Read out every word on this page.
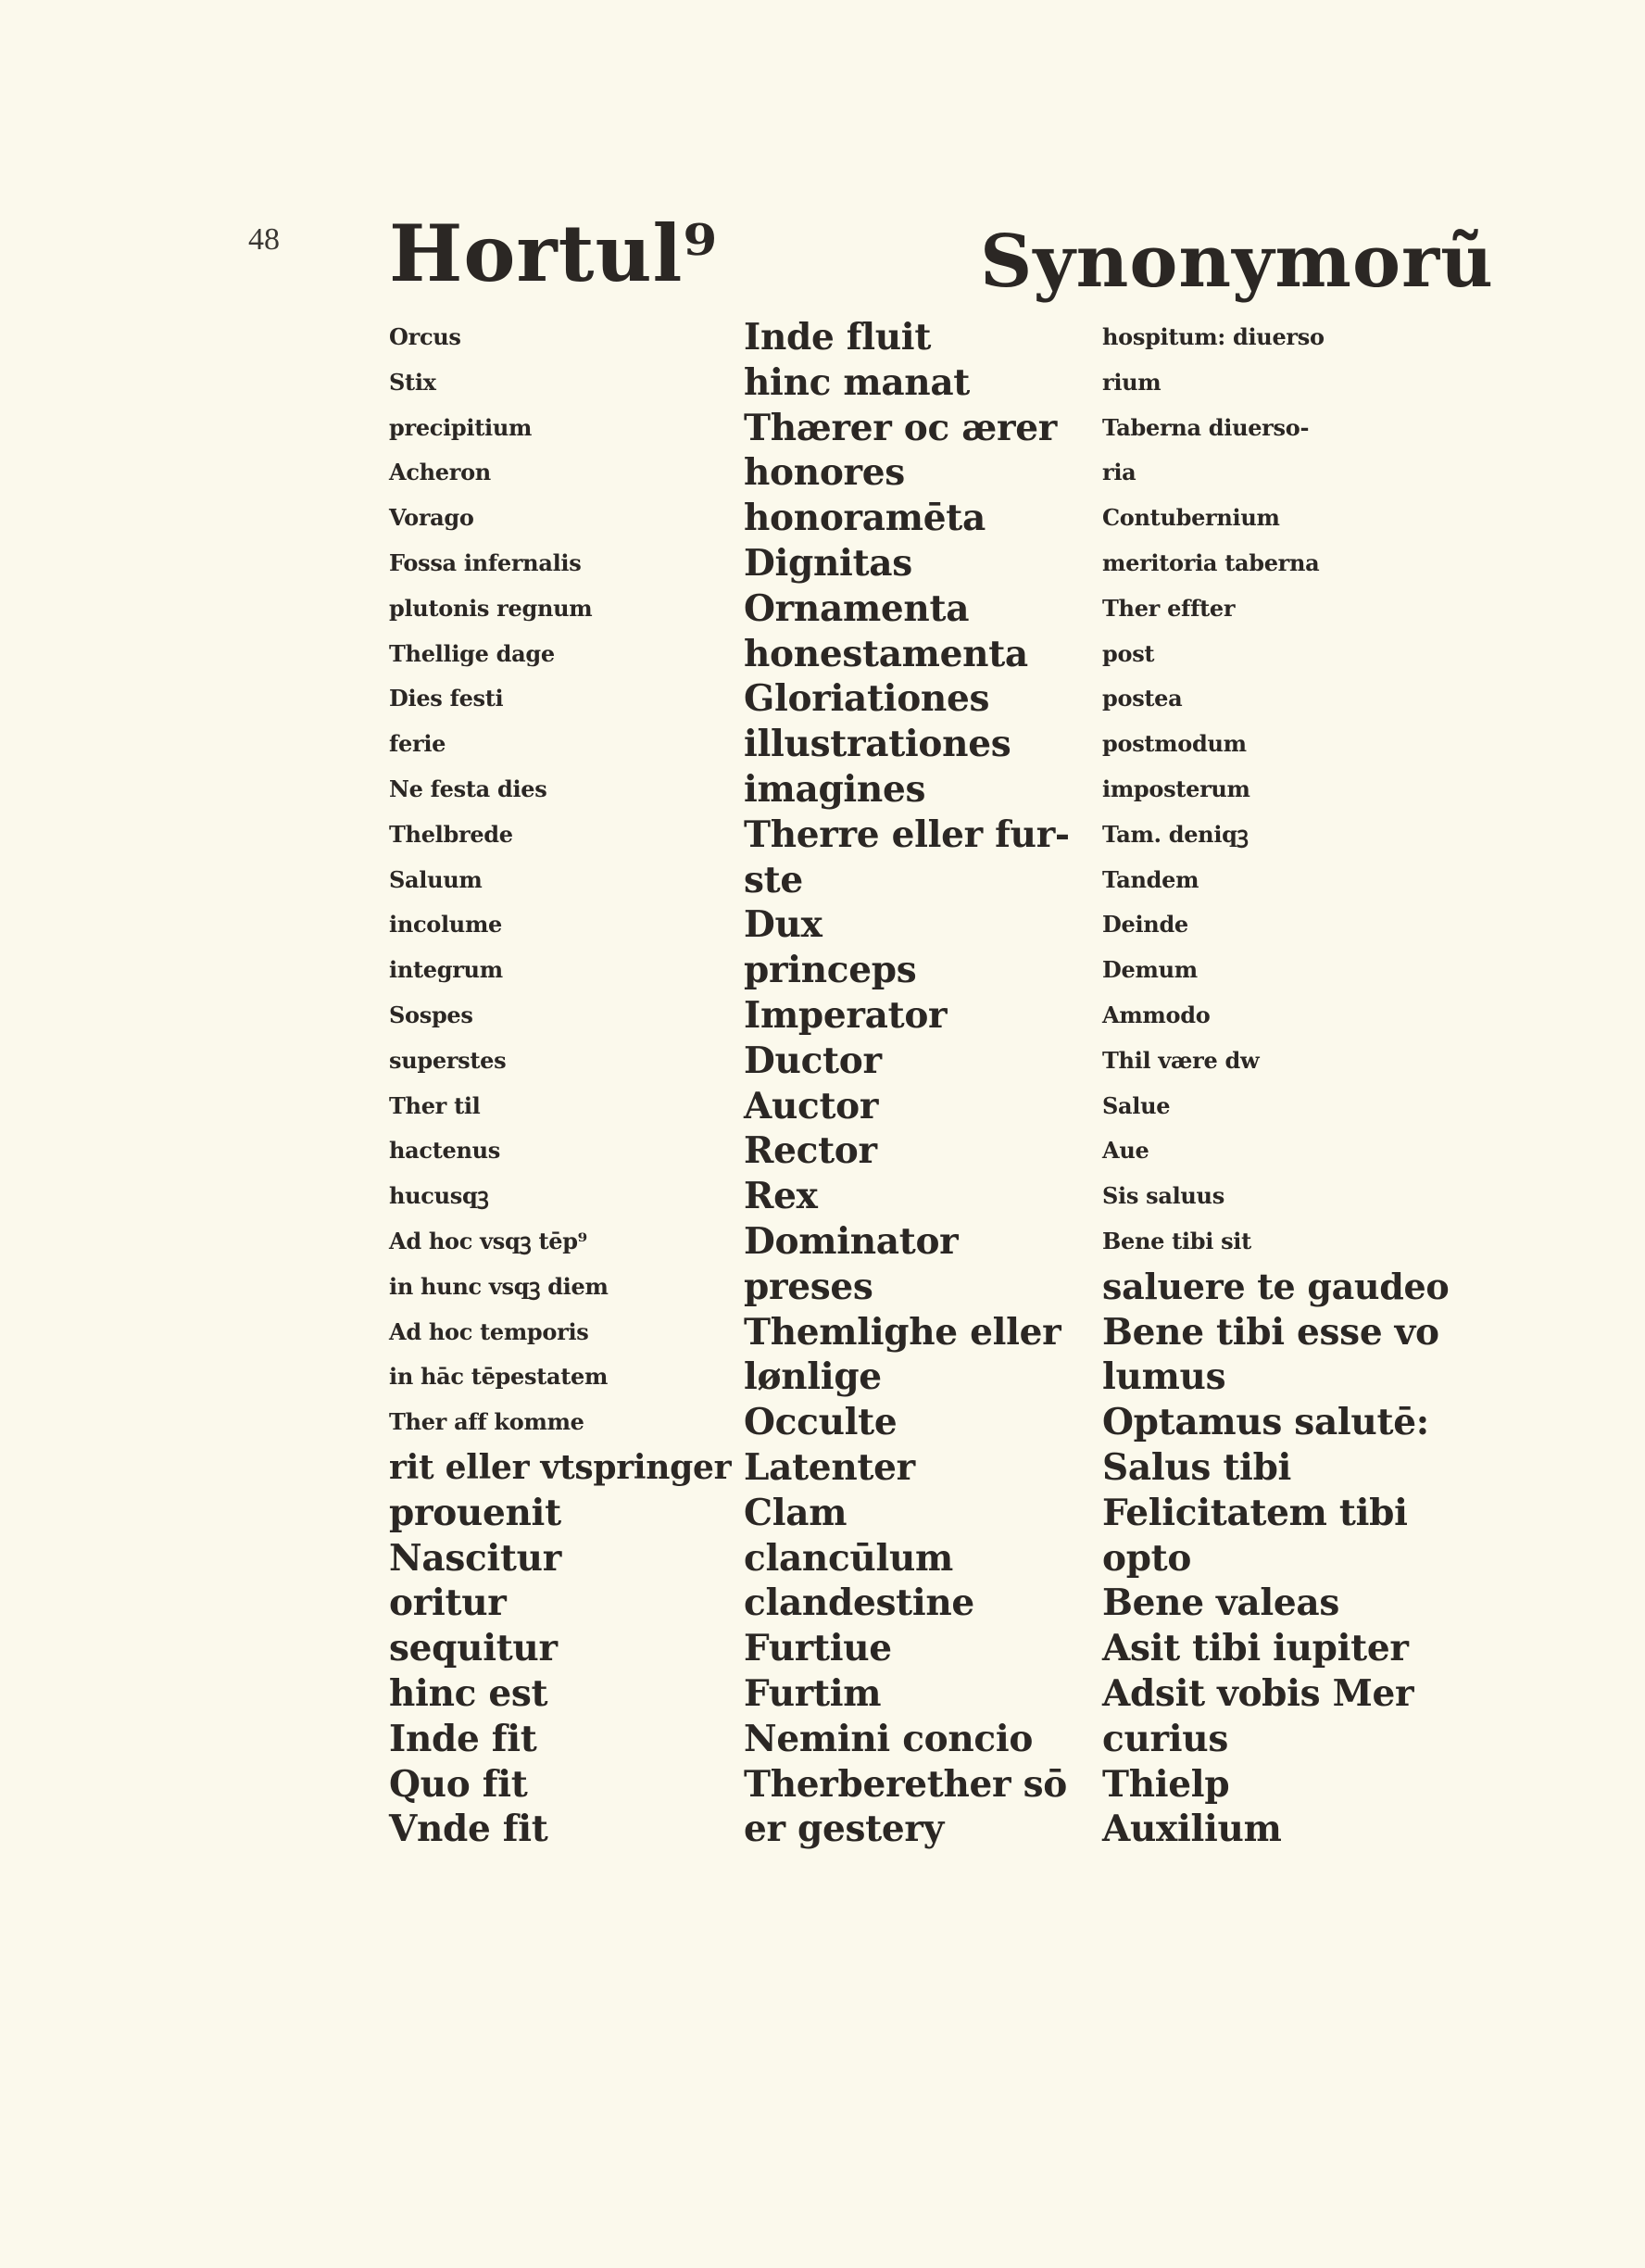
48 Hortul⁹	Synonymorũ
Orcus
Stix
precipitium
Acheron
Vorago
Fossa infernalis
plutonis regnum
Thellige dage
Dies festi
ferie
Ne festa dies
Thelbrede
Saluum
incolume
integrum
Sospes
superstes
Ther til
hactenus
hucusqꝫ
Ad hoc vsqꝫ tēp⁹
in hunc vsqꝫ diem
Ad hoc temporis
in hāc tēpestatem
Ther aff komme
rit eller vtspringer
prouenit
Nascitur
oritur
sequitur
hinc est
Inde fit
Quo fit
Vnde fit
Inde fluit
hinc manat
Thærer oc ærer
honores
honoramēta
Dignitas
Ornamenta
honestamenta
Gloriationes
illustrationes
imagines
Therre eller fur-
ste
Dux
princeps
Imperator
Ductor
Auctor
Rector
Rex
Dominator
preses
Themlighe eller
lønlige
Occulte
Latenter
Clam
clancūlum
clandestine
Furtiue
Furtim
Nemini concio
Therberether sō
er gestery
hospitum: diuerso
rium
Taberna diuerso-
ria
Contubernium
meritoria taberna
Ther effter
post
postea
postmodum
imposterum
Tam. deniqꝫ
Tandem
Deinde
Demum
Ammodo
Thil være dw
Salue
Aue
Sis saluus
Bene tibi sit
saluere te gaudeo
Bene tibi esse vo
lumus
Optamus salutē:
Salus tibi
Felicitatem tibi
opto
Bene valeas
Asit tibi iupiter
Adsit vobis Mer
curius
Thielp
Auxilium
